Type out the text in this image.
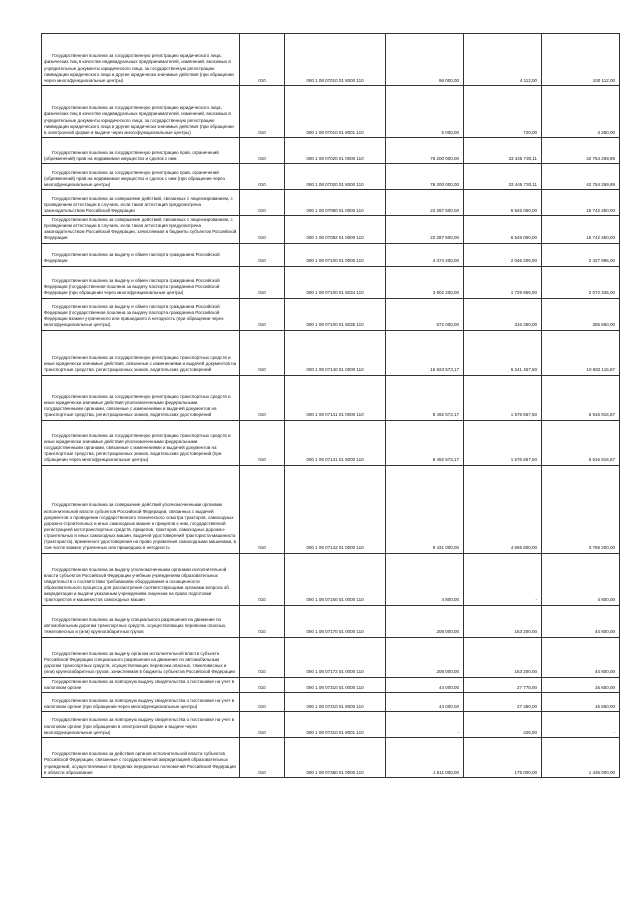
Государственная пошлина за государственную регистрацию юридического лица, физических лиц в качестве индивидуальных предпринимателей, изменений, вносимых в учредительные документы юридического лица, за государственную регистрацию ликвидации юридического лица и другие юридически значимые действия (при обращении через многофункциональные центры)	010	000 1 08 07010 01 8000 110	96 000,00	4 112,00	100 112,00
Государственная пошлина за государственную регистрацию юридического лица, физических лиц в качестве индивидуальных предпринимателей, изменений, вносимых в учредительные документы юридического лица, за государственную регистрацию ликвидации юридического лица и другие юридически значимые действия (при обращении в электронной форме и выдаче через многофункциональные центры)	010	000 1 08 07010 01 8001 110	5 000,00	720,00	4 280,00
Государственная пошлина за государственную регистрацию прав, ограничений (обременений) прав на недвижимое имущество и сделок с ним	010	000 1 08 07020 01 0000 110	76 200 000,00	33 445 730,11	42 754 269,89
Государственная пошлина за государственную регистрацию прав, ограничений (обременений) прав на недвижимое имущество и сделок с ним (при обращении через многофункциональные центры)	010	000 1 08 07020 01 8000 110	76 200 000,00	33 445 730,11	42 754 269,89
Государственная пошлина за совершение действий, связанных с лицензированием, с проведением аттестации в случаях, если такая аттестация предусмотрена законодательством Российской Федерации	010	000 1 08 07080 01 0000 110	22 287 500,00	6 545 050,00	15 742 450,00
Государственная пошлина за совершение действий, связанных с лицензированием, с проведением аттестации в случаях, если такая аттестация предусмотрена законодательством Российской Федерации, зачисляемая в бюджеты субъектов Российской Федерации	010	000 1 08 07082 01 0000 110	22 287 500,00	6 545 050,00	15 742 450,00
Государственная пошлина за выдачу и обмен паспорта гражданина Российской Федерации	010	000 1 08 07100 01 0000 110	4 474 200,00	2 046 205,00	2 427 995,00
Государственная пошлина за выдачу и обмен паспорта гражданина Российской Федерации (государственная пошлина за выдачу паспорта гражданина Российской Федерации (при обращении через многофункциональные центры)	010	000 1 08 07100 01 8034 110	3 802 200,00	1 729 855,00	2 072 345,00
Государственная пошлина за выдачу и обмен паспорта гражданина Российской Федерации (государственная пошлина за выдачу паспорта гражданина Российской Федерации взамен утраченного или пришедшего в негодность (при обращении через многофункциональные центры)	010	000 1 08 07100 01 8035 110	672 000,00	316 350,00	355 650,00
Государственная пошлина за государственную регистрацию транспортных средств и иные юридически значимые действия, связанные с изменениями и выдачей документов на транспортные средства, регистрационных знаков, водительских удостоверений	010	000 1 08 07140 01 0000 110	16 923 573,17	6 241 457,50	10 682 115,67
Государственная пошлина за государственную регистрацию транспортных средств и иные юридически значимые действия уполномоченными федеральными государственными органами, связанные с изменениями и выдачей документов на транспортные средства, регистрационных знаков, водительских удостоверений	010	000 1 08 07141 01 0000 110	8 492 573,17	1 576 657,50	6 916 915,67
Государственная пошлина за государственную регистрацию транспортных средств и иные юридически значимые действия уполномоченными федеральными государственными органами, связанные с изменениями и выдачей документов на транспортные средства, регистрационных знаков, водительских удостоверений (при обращении через многофункциональные центры)	010	000 1 08 07141 01 8000 110	8 492 573,17	1 576 657,50	6 916 915,67
Государственная пошлина за совершение действий уполномоченными органами исполнительной власти субъектов Российской Федерации, связанных с выдачей документов о проведении государственного технического осмотра тракторов, самоходных дорожно-строительных и иных самоходных машин и прицепов к ним, государственной регистрацией мототранспортных средств, прицепов, тракторов, самоходных дорожно-строительных и иных самоходных машин, выдачей удостоверений тракториста-машиниста (тракториста), временного удостоверения на право управления самоходными машинами, в том числе взамен утраченных или пришедших в негодность	010	000 1 08 07142 01 0000 110	8 431 000,00	4 665 800,00	3 765 200,00
Государственная пошлина за выдачу уполномоченными органами исполнительной власти субъектов Российской Федерации учебным учреждениям образовательных свидетельств о соответствии требованиям оборудования и оснащенности образовательного процесса для рассмотрения соответствующими органами вопроса об аккредитации и выдачи указанным учреждениям лицензии на право подготовки трактористов и машинистов самоходных машин	010	000 1 08 07160 01 0000 110	4 800,00	-	4 800,00
Государственная пошлина за выдачу специального разрешения на движение по автомобильным дорогам транспортных средств, осуществляющих перевозки опасных, тяжеловесных и (или) крупногабаритных грузов	010	000 1 08 07170 01 0000 110	208 000,00	163 200,00	44 800,00
Государственная пошлина за выдачу органом исполнительной власти субъекта Российской Федерации специального разрешения на движение по автомобильным дорогам транспортных средств, осуществляющих перевозки опасных, тяжеловесных и (или) крупногабаритных грузов, зачисляемая в бюджеты субъектов Российской Федерации	010	000 1 08 07172 01 0000 110	208 000,00	163 200,00	44 800,00
Государственная пошлина за повторную выдачу свидетельства о постановке на учет в налоговом органе	010	000 1 08 07310 01 0000 110	44 000,00	27 775,00	16 650,00
Государственная пошлина за повторную выдачу свидетельства о постановке на учет в налоговом органе (при обращении через многофункциональные центры)	010	000 1 08 07310 01 8000 110	44 000,00	27 350,00	16 650,00
Государственная пошлина за повторную выдачу свидетельства о постановке на учет в налоговом органе (при обращении в электронной форме и выдаче через многофункциональные центры)	010	000 1 08 07310 01 8001 110	-	425,00	-
Государственная пошлина за действия органов исполнительной власти субъектов Российской Федерации, связанные с государственной аккредитацией образовательных учреждений, осуществляемые в пределах переданных полномочий Российской Федерации в области образования	010	000 1 08 07380 01 0000 110	1 611 000,00	175 000,00	1 436 000,00
